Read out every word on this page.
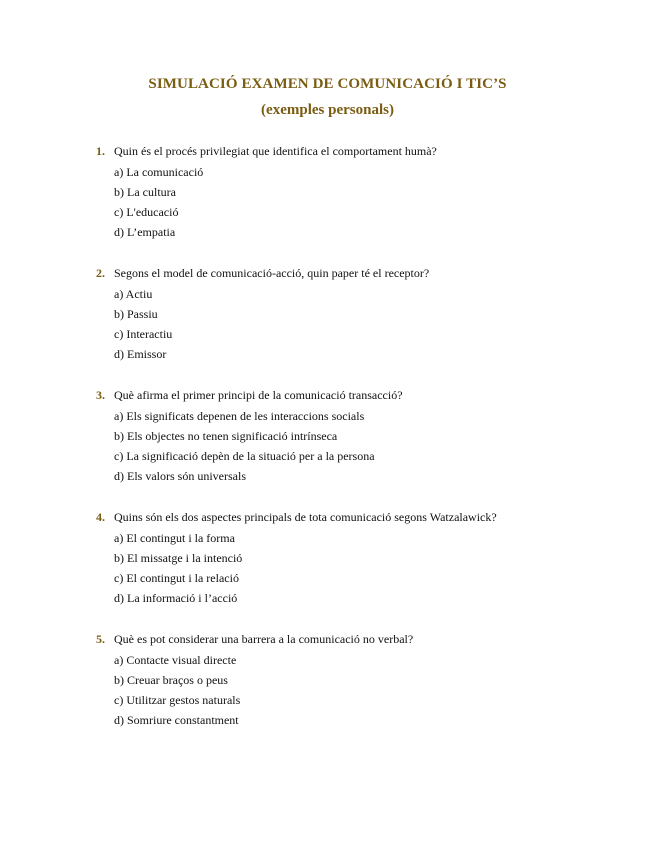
SIMULACIÓ EXAMEN DE COMUNICACIÓ I TIC’S
(exemples personals)
1. Quin és el procés privilegiat que identifica el comportament humà?
a) La comunicació
b) La cultura
c) L'educació
d) L’empatia
2. Segons el model de comunicació-acció, quin paper té el receptor?
a) Actiu
b) Passiu
c) Interactiu
d) Emissor
3. Què afirma el primer principi de la comunicació transacció?
a) Els significats depenen de les interaccions socials
b) Els objectes no tenen significació intrínseca
c) La significació depèn de la situació per a la persona
d) Els valors són universals
4. Quins són els dos aspectes principals de tota comunicació segons Watzalawick?
a) El contingut i la forma
b) El missatge i la intenció
c) El contingut i la relació
d) La informació i l’acció
5. Què es pot considerar una barrera a la comunicació no verbal?
a) Contacte visual directe
b) Creuar braços o peus
c) Utilitzar gestos naturals
d) Somriure constantment
